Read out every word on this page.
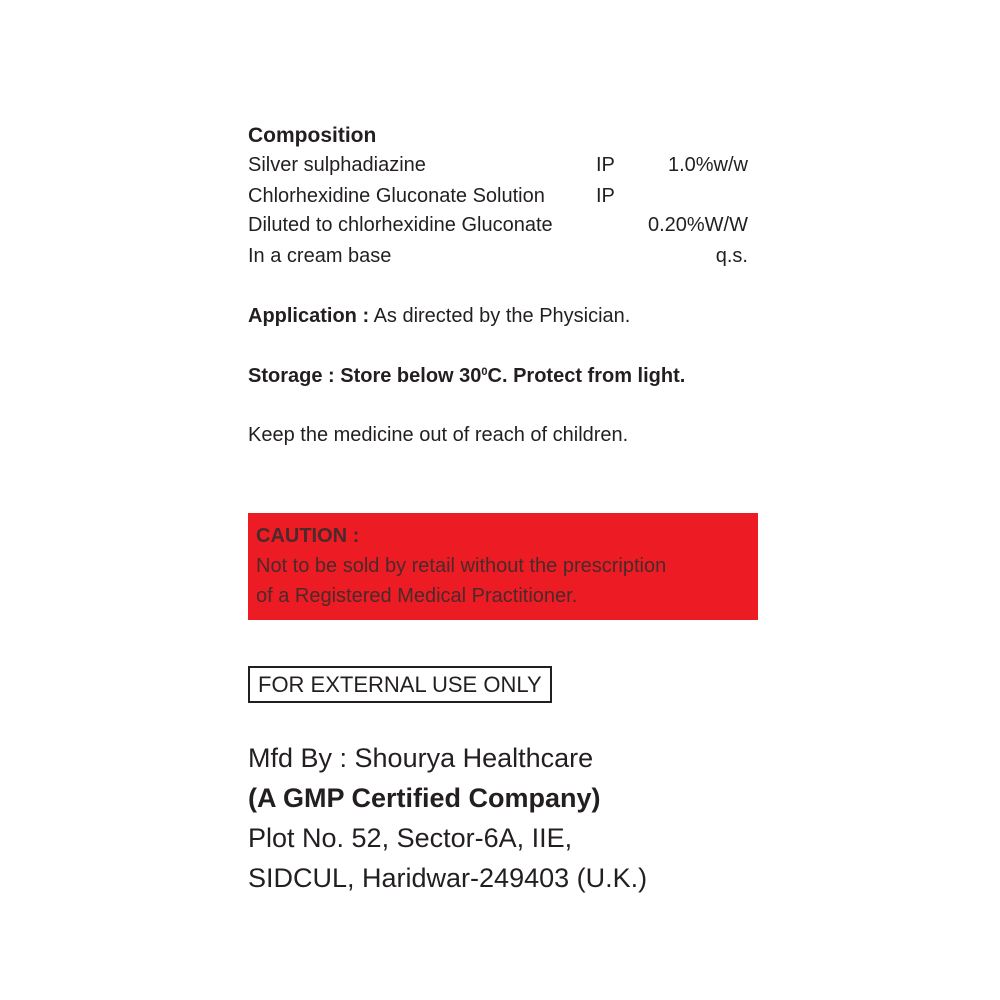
Composition
Silver sulphadiazine	IP	1.0%w/w
Chlorhexidine Gluconate Solution	IP
Diluted to chlorhexidine Gluconate	0.20%W/W
In a cream base	q.s.
Application : As directed by the Physician.
Storage : Store below $30^0C$. Protect from light.
Keep the medicine out of reach of children.
CAUTION :
Not to be sold by retail without the prescription
of a Registered Medical Practitioner.
FOR EXTERNAL USE ONLY
Mfd By : Shourya Healthcare
(A GMP Certified Company)
Plot No. 52, Sector-6A, IIE,
SIDCUL, Haridwar-249403 (U.K.)
